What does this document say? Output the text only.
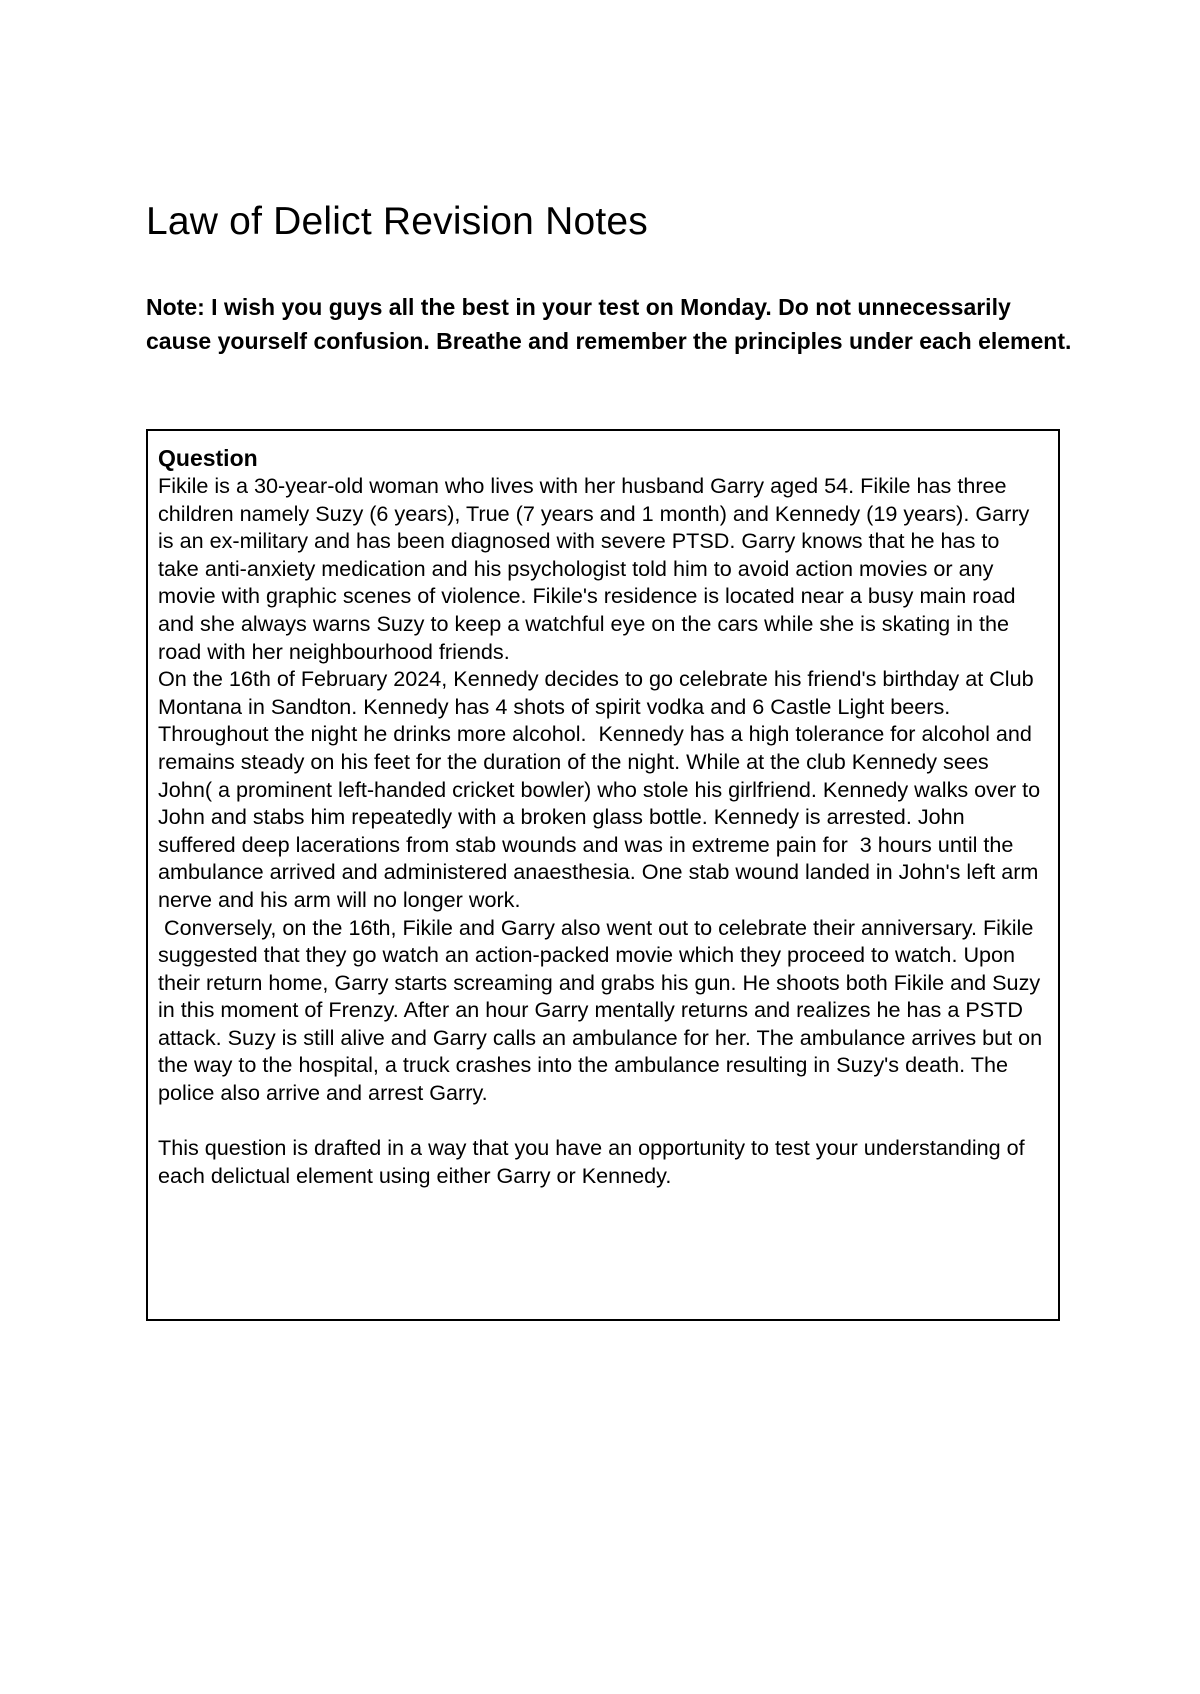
Law of Delict Revision Notes

Note: I wish you guys all the best in your test on Monday. Do not unnecessarily cause yourself confusion. Breathe and remember the principles under each element.

Question

Fikile is a 30-year-old woman who lives with her husband Garry aged 54. Fikile has three children namely Suzy (6 years), True (7 years and 1 month) and Kennedy (19 years). Garry is an ex-military and has been diagnosed with severe PTSD. Garry knows that he has to take anti-anxiety medication and his psychologist told him to avoid action movies or any movie with graphic scenes of violence. Fikile's residence is located near a busy main road and she always warns Suzy to keep a watchful eye on the cars while she is skating in the road with her neighbourhood friends.

On the 16th of February 2024, Kennedy decides to go celebrate his friend's birthday at Club Montana in Sandton. Kennedy has 4 shots of spirit vodka and 6 Castle Light beers. Throughout the night he drinks more alcohol.  Kennedy has a high tolerance for alcohol and remains steady on his feet for the duration of the night. While at the club Kennedy sees John( a prominent left-handed cricket bowler) who stole his girlfriend. Kennedy walks over to John and stabs him repeatedly with a broken glass bottle. Kennedy is arrested. John suffered deep lacerations from stab wounds and was in extreme pain for  3 hours until the ambulance arrived and administered anaesthesia. One stab wound landed in John's left arm nerve and his arm will no longer work.

Conversely, on the 16th, Fikile and Garry also went out to celebrate their anniversary. Fikile suggested that they go watch an action-packed movie which they proceed to watch. Upon their return home, Garry starts screaming and grabs his gun. He shoots both Fikile and Suzy in this moment of Frenzy. After an hour Garry mentally returns and realizes he has a PSTD attack. Suzy is still alive and Garry calls an ambulance for her. The ambulance arrives but on the way to the hospital, a truck crashes into the ambulance resulting in Suzy's death. The police also arrive and arrest Garry.

This question is drafted in a way that you have an opportunity to test your understanding of each delictual element using either Garry or Kennedy.
